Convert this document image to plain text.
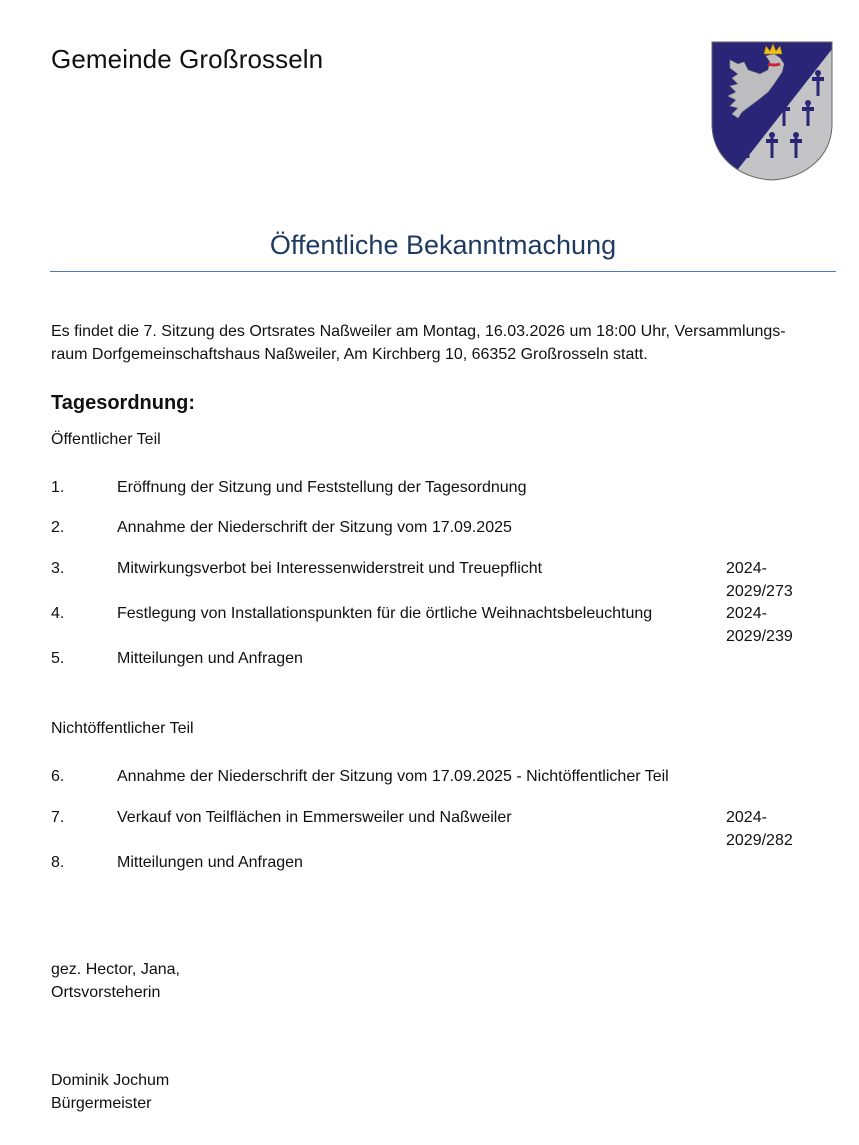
Gemeinde Großrosseln
Öffentliche Bekanntmachung
Es findet die 7. Sitzung des Ortsrates Naßweiler am Montag, 16.03.2026 um 18:00 Uhr, Versammlungs-
raum Dorfgemeinschaftshaus Naßweiler, Am Kirchberg 10, 66352 Großrosseln statt.
Tagesordnung:
Öffentlicher Teil
1.	Eröffnung der Sitzung und Feststellung der Tagesordnung
2.	Annahme der Niederschrift der Sitzung vom 17.09.2025
3.	Mitwirkungsverbot bei Interessenwiderstreit und Treuepflicht	2024-
2029/273
4.	Festlegung von Installationspunkten für die örtliche Weihnachtsbeleuchtung	2024-
2029/239
5.	Mitteilungen und Anfragen
Nichtöffentlicher Teil
6.	Annahme der Niederschrift der Sitzung vom 17.09.2025 - Nichtöffentlicher Teil
7.	Verkauf von Teilflächen in Emmersweiler und Naßweiler	2024-
2029/282
8.	Mitteilungen und Anfragen
gez. Hector, Jana,
Ortsvorsteherin
Dominik Jochum
Bürgermeister
